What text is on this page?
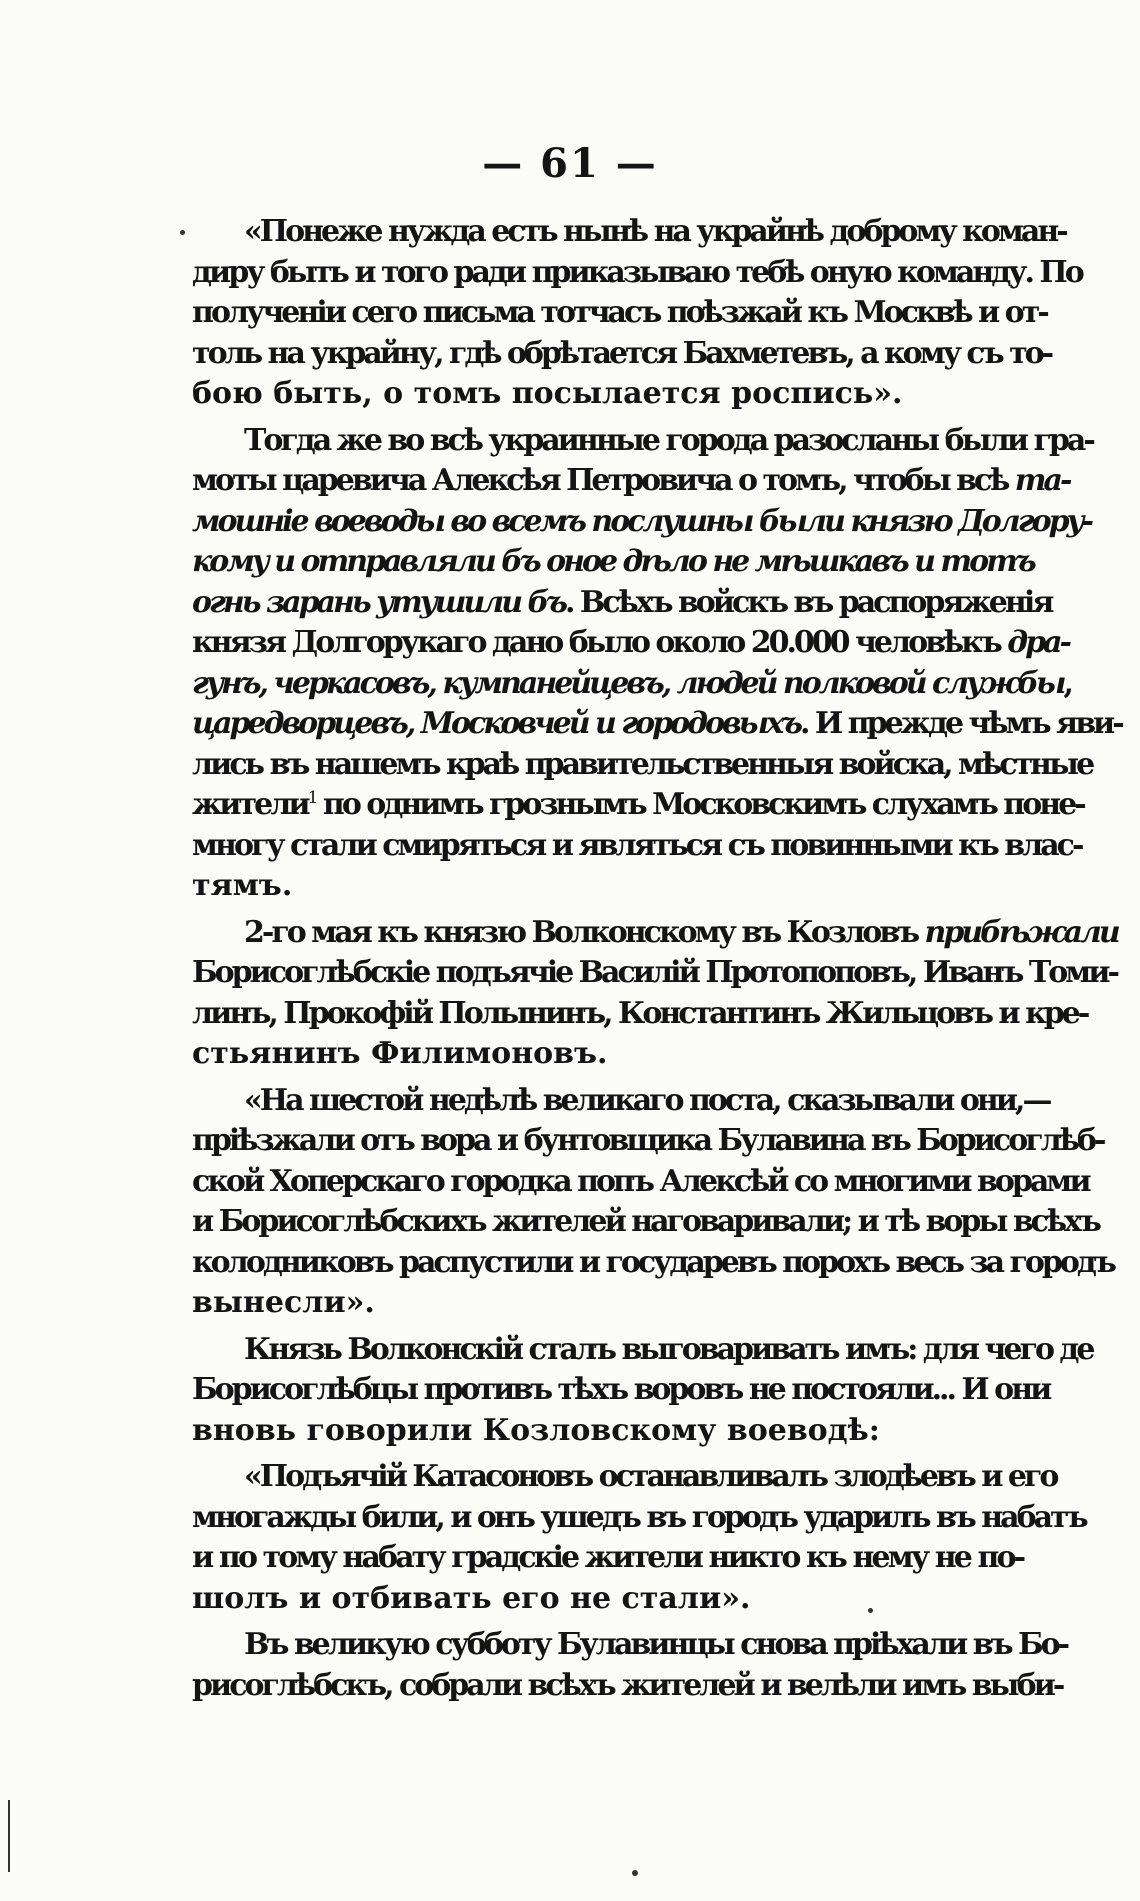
— 61 —
«Понеже нужда есть нынѣ на украйнѣ доброму коман-
диру быть и того ради приказываю тебѣ оную команду. По
полученіи сего письма тотчасъ поѣзжай къ Москвѣ и от-
толь на украйну, гдѣ обрѣтается Бахметевъ, а кому съ то-
бою быть, о томъ посылается роспись».
Тогда же во всѣ украинные города разосланы были гра-
моты царевича Алексѣя Петровича о томъ, чтобы всѣ та-
мошніе воеводы во всемъ послушны были князю Долгору-
кому и отправляли бъ оное дѣло не мѣшкавъ и тотъ
огнь зарань утушили бъ. Всѣхъ войскъ въ распоряженія
князя Долгорукаго дано было около 20.000 человѣкъ дра-
гунъ, черкасовъ, кумпанейцевъ, людей полковой службы,
царедворцевъ, Московчей и городовыхъ. И прежде чѣмъ яви-
лись въ нашемъ краѣ правительственныя войска, мѣстные
жители$^1$ по однимъ грознымъ Московскимъ слухамъ поне-
многу стали смиряться и являться съ повинными къ влас-
тямъ.
2-го мая къ князю Волконскому въ Козловъ прибѣжали
Борисоглѣбскіе подъячіе Василій Протопоповъ, Иванъ Томи-
линъ, Прокофій Полынинъ, Константинъ Жильцовъ и кре-
стьянинъ Филимоновъ.
«На шестой недѣлѣ великаго поста, сказывали они,—
пріѣзжали отъ вора и бунтовщика Булавина въ Борисоглѣб-
ской Хоперскаго городка попъ Алексѣй со многими ворами
и Борисоглѣбскихъ жителей наговаривали; и тѣ воры всѣхъ
колодниковъ распустили и государевъ порохъ весь за городъ
вынесли».
Князь Волконскій сталъ выговаривать имъ: для чего де
Борисоглѣбцы противъ тѣхъ воровъ не постояли... И они
вновь говорили Козловскому воеводѣ:
«Подъячій Катасоновъ останавливалъ злодѣевъ и его
многажды били, и онъ ушедъ въ городъ ударилъ въ набатъ
и по тому набату градскіе жители никто къ нему не по-
шолъ и отбивать его не стали».
Въ великую субботу Булавинцы снова пріѣхали въ Бо-
рисоглѣбскъ, собрали всѣхъ жителей и велѣли имъ выби-
